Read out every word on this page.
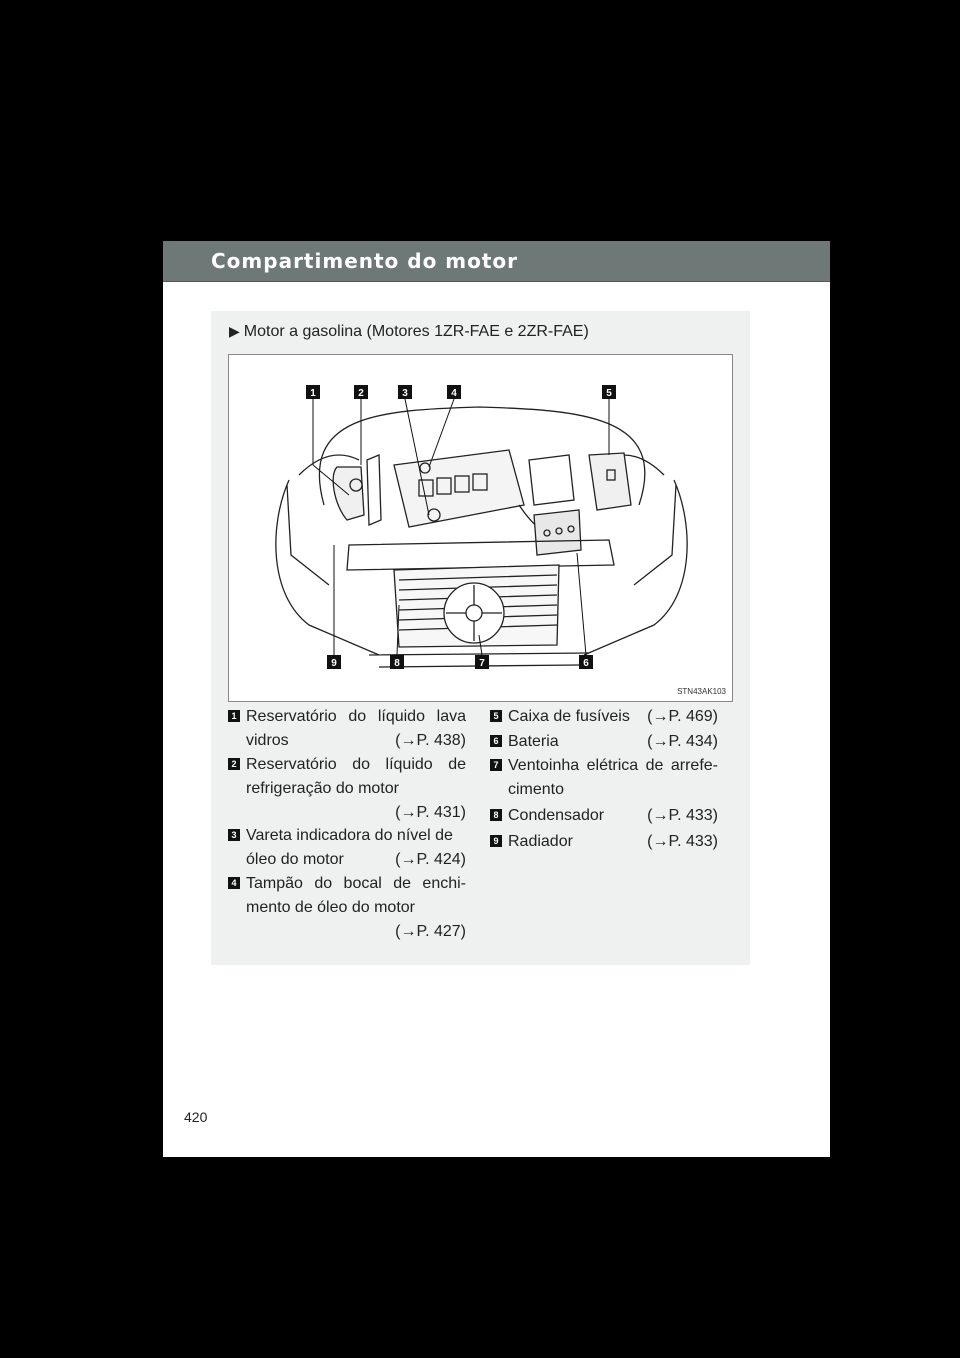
Compartimento do motor
▶ Motor a gasolina (Motores 1ZR-FAE e 2ZR-FAE)
1	2	3	4	5
9	8	7	6
STN43AK103
1 Reservatório do líquido lava
vidros	(→P. 438)
2 Reservatório do líquido de
refrigeração do motor
(→P. 431)
3 Vareta indicadora do nível de
óleo do motor	(→P. 424)
4 Tampão do bocal de enchi-
mento de óleo do motor
(→P. 427)
5 Caixa de fusíveis (→P. 469)
6 Bateria	(→P. 434)
7 Ventoinha elétrica de arrefe-
cimento
8 Condensador	(→P. 433)
9 Radiador	(→P. 433)
420
